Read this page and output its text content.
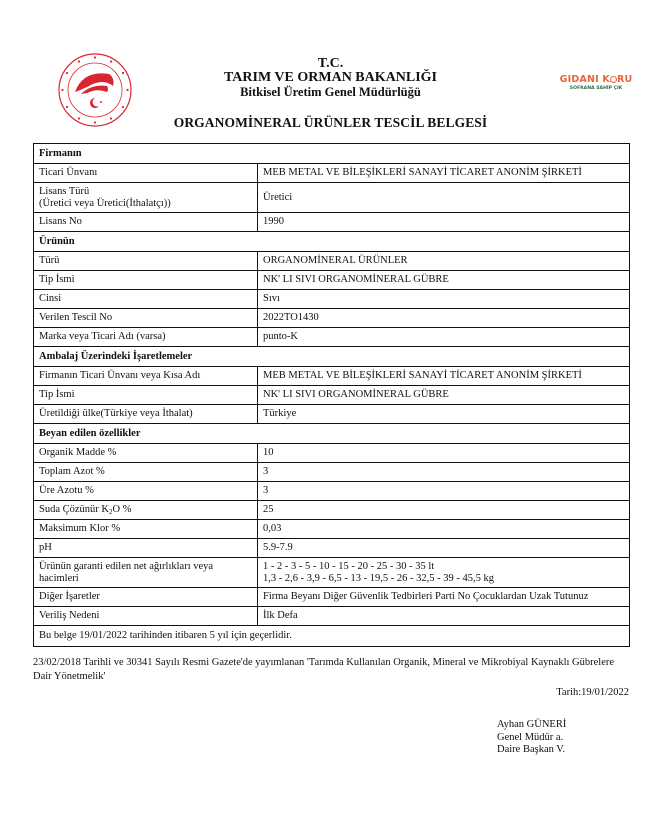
GIDANI K RU
SOFRANA SAHİP ÇIK
T.C.
TARIM VE ORMAN BAKANLIĞI
Bitkisel Üretim Genel Müdürlüğü
ORGANOMİNERAL ÜRÜNLER TESCİL BELGESİ
Firmanın	
Ticari Ünvanı	MEB METAL VE BİLEŞİKLERİ SANAYİ TİCARET ANONİM ŞİRKETİ

Lisans Türü
(Üretici veya Üretici(İthalatçı))	Üretici
Lisans No	1990
Ürünün	
Türü	ORGANOMİNERAL ÜRÜNLER
Tip İsmi	NK' LI SIVI ORGANOMİNERAL GÜBRE
Cinsi	Sıvı
Verilen Tescil No	2022TO1430
Marka veya Ticari Adı (varsa)	punto-K
Ambalaj Üzerindeki İşaretlemeler	
Firmanın Ticari Ünvanı veya Kısa Adı	MEB METAL VE BİLEŞİKLERİ SANAYİ TİCARET ANONİM ŞİRKETİ
Tip İsmi	NK' LI SIVI ORGANOMİNERAL GÜBRE
Üretildiği ülke(Türkiye veya İthalat)	Türkiye
Beyan edilen özellikler	
Organik Madde %	10
Toplam Azot %	3
Üre Azotu %	3
Suda Çözünür $K_2O$ %	25
Maksimum Klor %	0,03
pH	5.9-7.9

Ürünün garanti edilen net ağırlıkları veya
hacimleri

1 - 2 - 3 - 5 - 10 - 15 - 20 - 25 - 30 - 35 lt
1,3 - 2,6 - 3,9 - 6,5 - 13 - 19,5 - 26 - 32,5 - 39 - 45,5 kg

Diğer İşaretler	Firma Beyanı Diğer Güvenlik Tedbirleri Parti No Çocuklardan Uzak Tutunuz
Veriliş Nedeni	İlk Defa
Bu belge 19/01/2022 tarihinden itibaren 5 yıl için geçerlidir.	
23/02/2018 Tarihli ve 30341 Sayılı Resmi Gazete'de yayımlanan 'Tarımda Kullanılan Organik, Mineral ve Mikrobiyal Kaynaklı Gübrelere Dair Yönetmelik'
Tarih:19/01/2022
Ayhan GÜNERİ
Genel Müdür a.
Daire Başkan V.
